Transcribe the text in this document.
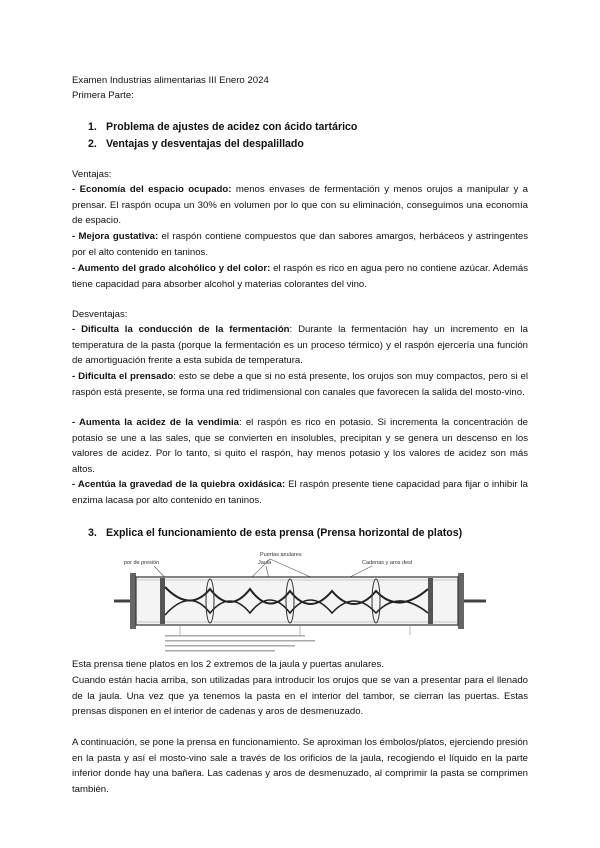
Examen Industrias alimentarias III Enero 2024
Primera Parte:
1. Problema de ajustes de acidez con ácido tartárico
2. Ventajas y desventajas del despalillado
Ventajas:
- Economía del espacio ocupado: menos envases de fermentación y menos orujos a manipular y a prensar. El raspón ocupa un 30% en volumen por lo que con su eliminación, conseguimos una economía de espacio.
- Mejora gustativa: el raspón contiene compuestos que dan sabores amargos, herbáceos y astringentes por el alto contenido en taninos.
- Aumento del grado alcohólico y del color: el raspón es rico en agua pero no contiene azúcar. Además tiene capacidad para absorber alcohol y materias colorantes del vino.
Desventajas:
- Dificulta la conducción de la fermentación: Durante la fermentación hay un incremento en la temperatura de la pasta (porque la fermentación es un proceso térmico) y el raspón ejercería una función de amortiguación frente a esta subida de temperatura.
- Dificulta el prensado: esto se debe a que si no está presente, los orujos son muy compactos, pero si el raspón está presente, se forma una red tridimensional con canales que favorecen la salida del mosto-vino.
- Aumenta la acidez de la vendimia: el raspón es rico en potasio. Si incrementa la concentración de potasio se une a las sales, que se convierten en insolubles, precipitan y se genera un descenso en los valores de acidez. Por lo tanto, si quito el raspón, hay menos potasio y los valores de acidez son más altos.
- Acentúa la gravedad de la quiebra oxidásica: El raspón presente tiene capacidad para fijar o inhibir la enzima lacasa por alto contenido en taninos.
3. Explica el funcionamiento de esta prensa (Prensa horizontal de platos)
Puertas anulares
por de presión	Jaula	Cadenas y aros desl
Esta prensa tiene platos en los 2 extremos de la jaula y puertas anulares.
Cuando están hacia arriba, son utilizadas para introducir los orujos que se van a presentar para el llenado de la jaula. Una vez que ya tenemos la pasta en el interior del tambor, se cierran las puertas. Estas prensas disponen en el interior de cadenas y aros de desmenuzado.
A continuación, se pone la prensa en funcionamiento. Se aproximan los émbolos/platos, ejerciendo presión en la pasta y así el mosto-vino sale a través de los orificios de la jaula, recogiendo el líquido en la parte inferior donde hay una bañera. Las cadenas y aros de desmenuzado, al comprimir la pasta se comprimen también.
